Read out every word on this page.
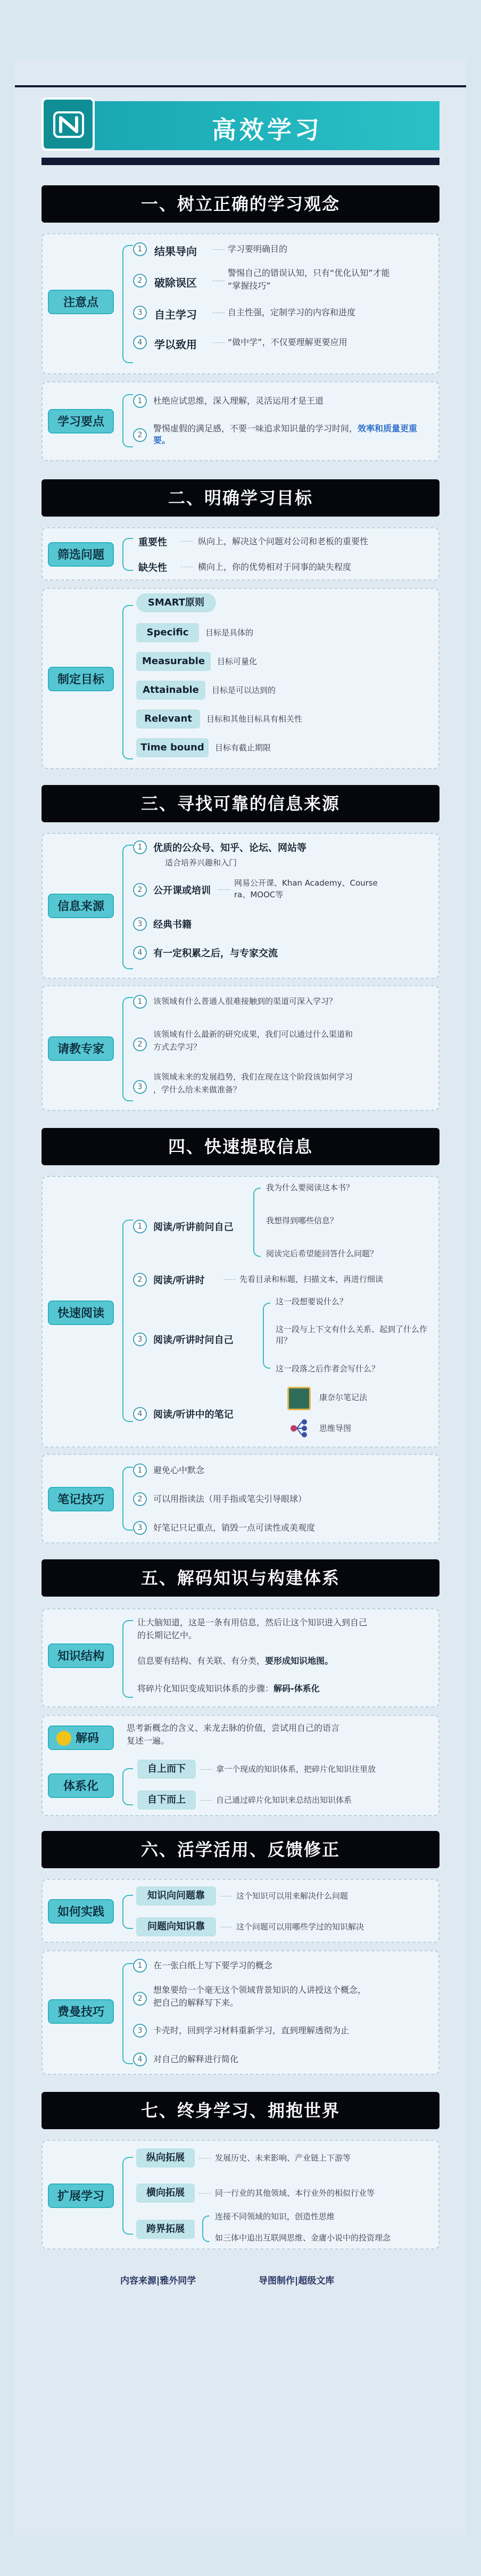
高效学习
一、树立正确的学习观念
注意点
1	结果导向	学习要明确目的
2	破除误区
警惕自己的错误认知，只有“优化认知”才能
“掌握技巧”
3	自主学习	自主性强，定制学习的内容和进度
4	学以致用	“做中学”，不仅要理解更要应用
学习要点
1	杜绝应试思维，深入理解，灵活运用才是王道
2
警惕虚假的满足感，不要一味追求知识量的学习时间，效率和质量更重要。
二、明确学习目标
筛选问题
重要性	纵向上，解决这个问题对公司和老板的重要性
缺失性	横向上，你的优势相对于同事的缺失程度
制定目标
SMART原则
Specific	目标是具体的
Measurable	目标可量化
Attainable	目标是可以达到的
Relevant	目标和其他目标具有相关性
Time bound	目标有截止期限
三、寻找可靠的信息来源
信息来源
1	优质的公众号、知乎、论坛、网站等
适合培养兴趣和入门
2	公开课或培训
网易公开课、Khan Academy、Course
ra、MOOC等
3	经典书籍
4	有一定积累之后，与专家交流
请教专家
1	该领域有什么普通人很难接触到的渠道可深入学习？
2
该领域有什么最新的研究成果，我们可以通过什么渠道和
方式去学习？
3
该领域未来的发展趋势，我们在现在这个阶段该如何学习
，学什么给未来做准备？
四、快速提取信息
快速阅读
1	阅读/听讲前问自己
我为什么要阅读这本书？
我想得到哪些信息？
阅读完后希望能回答什么问题？
2	阅读/听讲时	先看目录和标题，扫描文本，再进行细读
3	阅读/听讲时问自己
这一段想要说什么？
这一段与上下文有什么关系、起到了什么作用？
这一段落之后作者会写什么？
4	阅读/听讲中的笔记
康奈尔笔记法
思维导图
笔记技巧
1	避免心中默念
2	可以用指读法（用手指或笔尖引导眼球）
3	好笔记只记重点，销毁一点可读性或美观度
五、解码知识与构建体系
知识结构
让大脑知道，这是一条有用信息，然后让这个知识进入到自己
的长期记忆中。
信息要有结构、有关联、有分类，要形成知识地图。
将碎片化知识变成知识体系的步骤：解码-体系化
解码
思考新概念的含义、来龙去脉的价值，尝试用自己的语言
复述一遍。
体系化
自上而下	拿一个现成的知识体系，把碎片化知识往里放
自下而上	自己通过碎片化知识来总结出知识体系
六、活学活用、反馈修正
如何实践
知识向问题靠	这个知识可以用来解决什么问题
问题向知识靠	这个问题可以用哪些学过的知识解决
费曼技巧
1	在一张白纸上写下要学习的概念
2
想象要给一个毫无这个领域背景知识的人讲授这个概念，
把自己的解释写下来。
3	卡壳时，回到学习材料重新学习，直到理解透彻为止
4	对自己的解释进行简化
七、终身学习、拥抱世界
扩展学习
纵向拓展	发展历史、未来影响、产业链上下游等
横向拓展	同一行业的其他领域、本行业外的相似行业等
跨界拓展
连接不同领域的知识，创造性思维
如三体中追出互联网思维、金庸小说中的投资理念
内容来源|雅外同学	导图制作|超级文库
